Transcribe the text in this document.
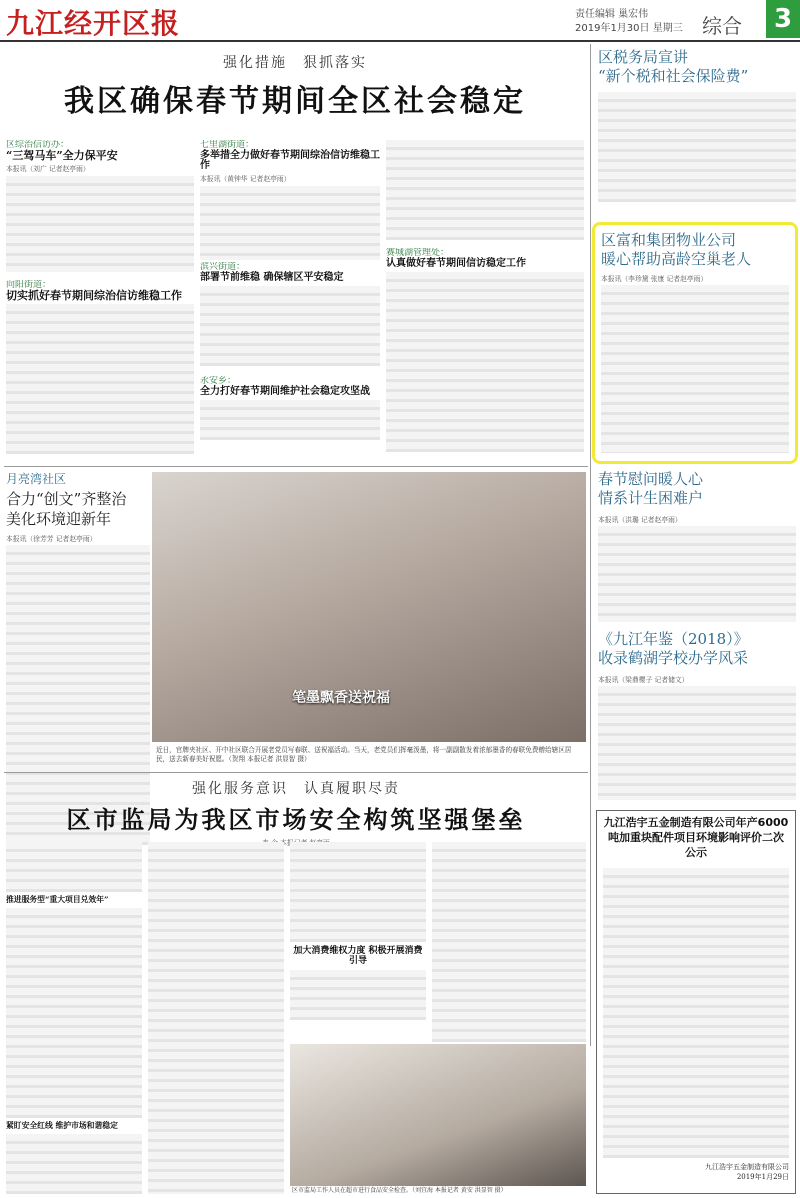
九江经开区报	责任编辑 巢宏伟
2019年1月30日 星期三 综合	3
强化措施　狠抓落实
我区确保春节期间全区社会稳定
区综治信访办：
“三驾马车”全力保平安
本报讯（刘广 记者赵亭雨）
向阳街道：
切实抓好春节期间综治信访维稳工作
七里湖街道：
多举措全力做好春节期间综治信访维稳工作
本报讯（黄钟华 记者赵亭雨）
滨兴街道：
部署节前维稳 确保辖区平安稳定
永安乡：
全力打好春节期间维护社会稳定攻坚战
赛城湖管理处：
认真做好春节期间信访稳定工作
区税务局宣讲
“新个税和社会保险费”
区富和集团物业公司
暖心帮助高龄空巢老人
本报讯（李珍黛 张康 记者赵亭雨）
月亮湾社区
合力“创文”齐整治
美化环境迎新年
本报讯（徐芳芳 记者赵亭雨）
笔墨飘香送祝福
近日，官牌夹社区、开中社区联合开展老党员写春联、送祝福活动。当天，老党员们挥毫泼墨，将一副副散发着浓郁墨香的春联免费赠给辖区居民，送去新春美好祝愿。（贺翔 本报记者 洪显智 摄）
春节慰问暖人心
情系计生困难户
本报讯（洪璐 记者赵亭雨）
《九江年鉴（2018）》
收录鹤湖学校办学风采
本报讯（梁鼎樱子 记者储文）
强化服务意识　认真履职尽责
区市监局为我区市场安全构筑坚强堡垒
推进服务型“重大项目兑效年”
紧盯安全红线 维护市场和谐稳定
加大消费维权力度 积极开展消费引导
区市监局工作人员在超市进行食品安全检查。（刘宜海 本报记者 黄安 洪显智 摄）
九江浩宇五金制造有限公司年产6000吨加重块配件项目环境影响评价二次公示
九江浩宇五金制造有限公司
2019年1月29日
